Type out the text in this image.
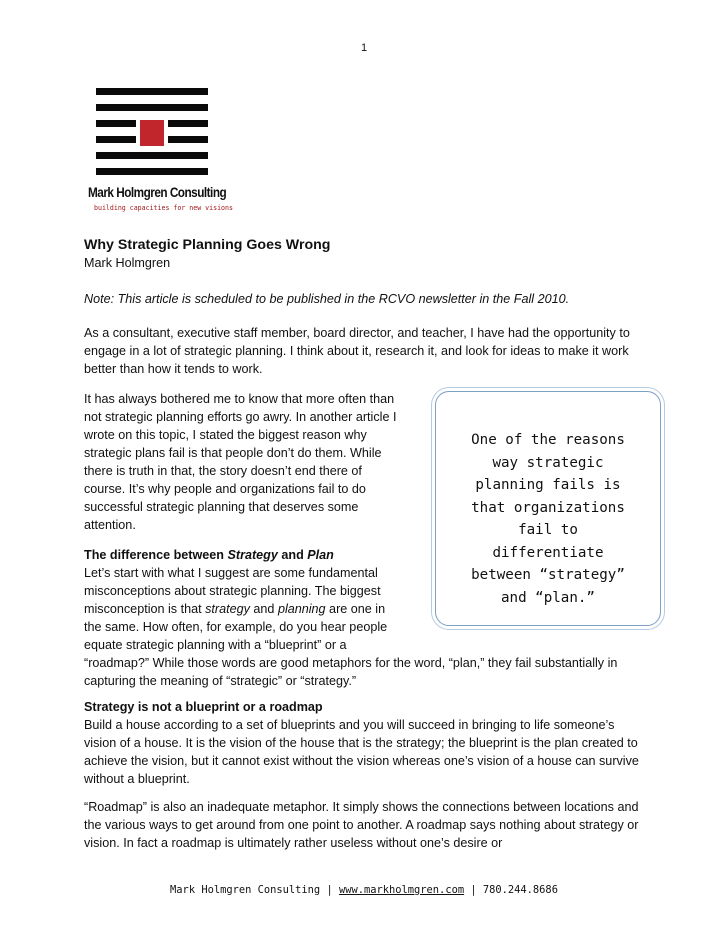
1
Mark Holmgren Consulting
building capacities for new visions

Why Strategic Planning Goes Wrong

Mark Holmgren

Note: This article is scheduled to be published in the RCVO newsletter in the Fall 2010.
As a consultant, executive staff member, board director, and teacher, I have had the opportunity to engage in a lot of strategic planning. I think about it, research it, and look for ideas to make it work better than how it tends to work.
It has always bothered me to know that more often than
not strategic planning efforts go awry. In another article I
wrote on this topic, I stated the biggest reason why
strategic plans fail is that people don’t do them. While
there is truth in that, the story doesn’t end there of
course. It’s why people and organizations fail to do
successful strategic planning that deserves some
attention.
The difference between Strategy and Plan
Let’s start with what I suggest are some fundamental
misconceptions about strategic planning. The biggest
misconception is that strategy and planning are one in
the same. How often, for example, do you hear people
equate strategic planning with a “blueprint” or a
“roadmap?” While those words are good metaphors for the word, “plan,” they fail substantially in capturing the meaning of “strategic” or “strategy.”
Strategy is not a blueprint or a roadmap
Build a house according to a set of blueprints and you will succeed in bringing to life someone’s vision of a house. It is the vision of the house that is the strategy; the blueprint is the plan created to achieve the vision, but it cannot exist without the vision whereas one’s vision of a house can survive without a blueprint.
“Roadmap” is also an inadequate metaphor. It simply shows the connections between locations and the various ways to get around from one point to another. A roadmap says nothing about strategy or vision. In fact a roadmap is ultimately rather useless without one’s desire or
One of the reasons
way strategic
planning fails is
that organizations
fail to
differentiate
between “strategy”
and “plan.”
Mark Holmgren Consulting | www.markholmgren.com | 780.244.8686
